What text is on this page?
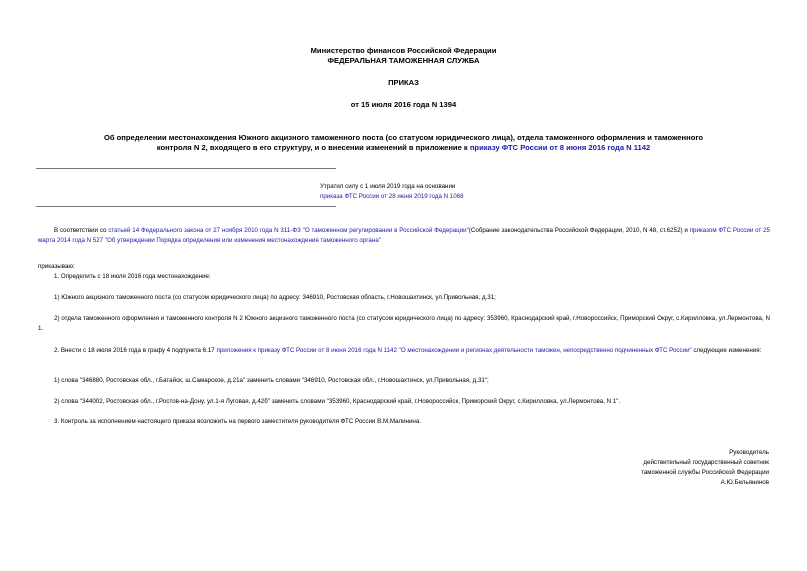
Министерство финансов Российской Федерации
ФЕДЕРАЛЬНАЯ ТАМОЖЕННАЯ СЛУЖБА
ПРИКАЗ
от 15 июля 2016 года N 1394
Об определении местонахождения Южного акцизного таможенного поста (со статусом юридического лица), отдела таможенного оформления и таможенного контроля N 2, входящего в его структуру, и о внесении изменений в приложение к приказу ФТС России от 8 июня 2016 года N 1142
Утратил силу с 1 июля 2019 года на основании
приказа ФТС России от 28 июня 2019 года N 1068
В соответствии со статьей 14 Федерального закона от 27 ноября 2010 года N 311-ФЗ "О таможенном регулировании в Российской Федерации"(Собрание законодательства Российской Федерации, 2010, N 48, ст.6252) и приказом ФТС России от 25 марта 2014 года N 527 "Об утверждении Порядка определения или изменения местонахождения таможенного органа"
приказываю:
1. Определить с 18 июля 2016 года местонахождение:
1) Южного акцизного таможенного поста (со статусом юридического лица) по адресу: 346910, Ростовская область, г.Новошахтинск, ул.Привольная, д.31;
2) отдела таможенного оформления и таможенного контроля N 2 Южного акцизного таможенного поста (со статусом юридического лица) по адресу: 353960, Краснодарский край, г.Новороссийск, Приморский Округ, с.Кирилловка, ул.Лермонтова, N 1.
2. Внести с 18 июля 2016 года в графу 4 подпункта 6.17 приложения к приказу ФТС России от 8 июня 2016 года N 1142 "О местонахождении и регионах деятельности таможен, непосредственно подчиненных ФТС России" следующие изменения:
1) слова "346880, Ростовская обл., г.Батайск, ш.Самарское, д.21а" заменить словами "346910, Ростовская обл., г.Новошахтинск, ул.Привольная, д.31";
2) слова "344002, Ростовская обл., г.Ростов-на-Дону, ул.1-я Луговая, д.42б" заменить словами "353960, Краснодарский край, г.Новороссийск, Приморский Округ, с.Кирилловка, ул.Лермонтова, N 1".
3. Контроль за исполнением настоящего приказа возложить на первого заместителя руководителя ФТС России В.М.Малинина.
Руководитель
действительный государственный советник
таможенной службы Российской Федерации
А.Ю.Бельянинов
